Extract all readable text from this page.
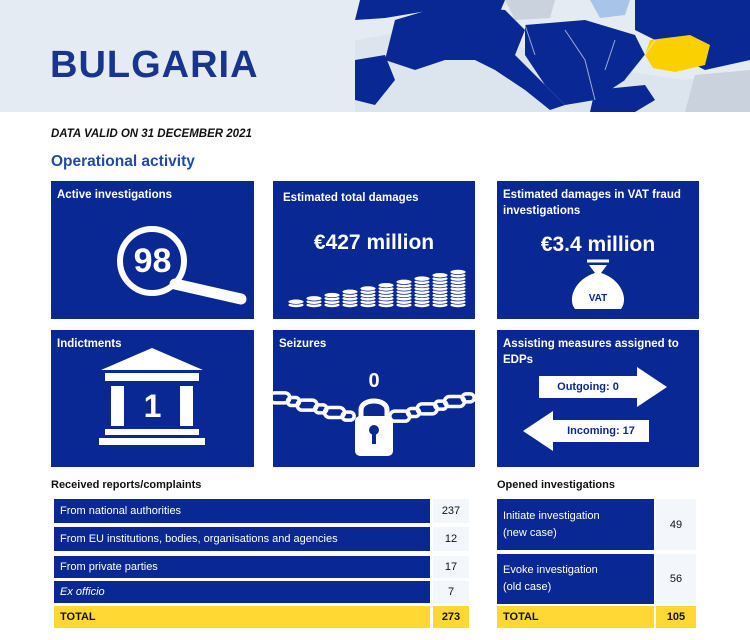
BULGARIA
DATA VALID ON 31 DECEMBER 2021
Operational activity
Active investigations
98
Estimated total damages
€427 million
Estimated damages in VAT fraud investigations
€3.4 million
VAT
Indictments
1
Seizures
0
Assisting measures assigned to EDPs
Outgoing: 0
Incoming: 17
Received reports/complaints
From national authorities	237
From EU institutions, bodies, organisations and agencies	12
From private parties	17
Ex officio	7
TOTAL	273
Opened investigations
Initiate investigation
(new case)
49
Evoke investigation
(old case)
56
TOTAL	105
